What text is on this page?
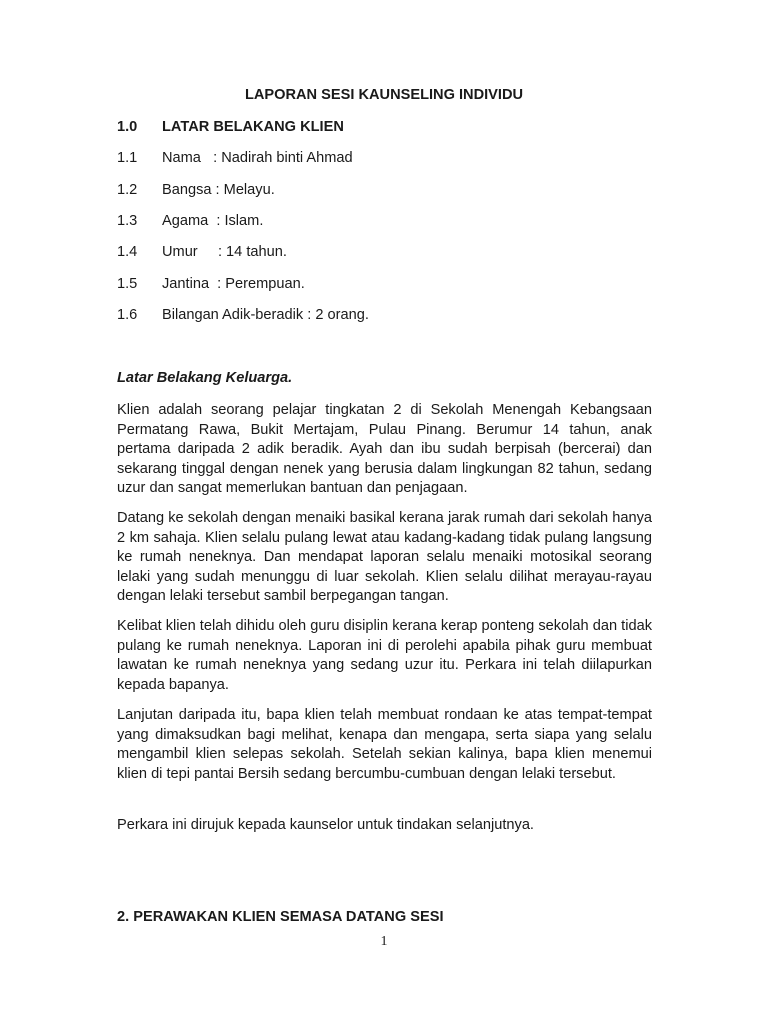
LAPORAN SESI KAUNSELING INDIVIDU
1.0 LATAR BELAKANG KLIEN
1.1 Nama   : Nadirah binti Ahmad
1.2 Bangsa : Melayu.
1.3 Agama  : Islam.
1.4 Umur     : 14 tahun.
1.5 Jantina  : Perempuan.
1.6 Bilangan Adik-beradik : 2 orang.
Latar Belakang Keluarga.

Klien adalah seorang pelajar tingkatan 2 di Sekolah Menengah Kebangsaan Permatang Rawa, Bukit Mertajam, Pulau Pinang. Berumur 14 tahun, anak pertama daripada 2 adik beradik. Ayah dan ibu sudah berpisah (bercerai) dan sekarang tinggal dengan nenek yang berusia dalam lingkungan 82 tahun, sedang uzur dan sangat memerlukan bantuan dan penjagaan.

Datang ke sekolah dengan menaiki basikal kerana jarak rumah dari sekolah hanya 2 km sahaja. Klien selalu pulang lewat atau kadang-kadang tidak pulang langsung ke rumah neneknya. Dan mendapat laporan selalu menaiki motosikal seorang lelaki yang sudah menunggu di luar sekolah. Klien selalu dilihat merayau-rayau dengan lelaki tersebut sambil berpegangan tangan.

Kelibat klien telah dihidu oleh guru disiplin kerana kerap ponteng sekolah dan tidak pulang ke rumah neneknya. Laporan ini di perolehi apabila pihak guru membuat lawatan ke rumah neneknya yang sedang uzur itu. Perkara ini telah diilapurkan kepada bapanya.

Lanjutan daripada itu, bapa klien telah membuat rondaan ke atas tempat-tempat yang dimaksudkan bagi melihat, kenapa dan mengapa, serta siapa yang selalu mengambil klien selepas sekolah. Setelah sekian kalinya, bapa klien menemui klien di tepi pantai Bersih sedang bercumbu-cumbuan dengan lelaki tersebut.

Perkara ini dirujuk kepada kaunselor untuk tindakan selanjutnya.

2. PERAWAKAN KLIEN SEMASA DATANG SESI
1
